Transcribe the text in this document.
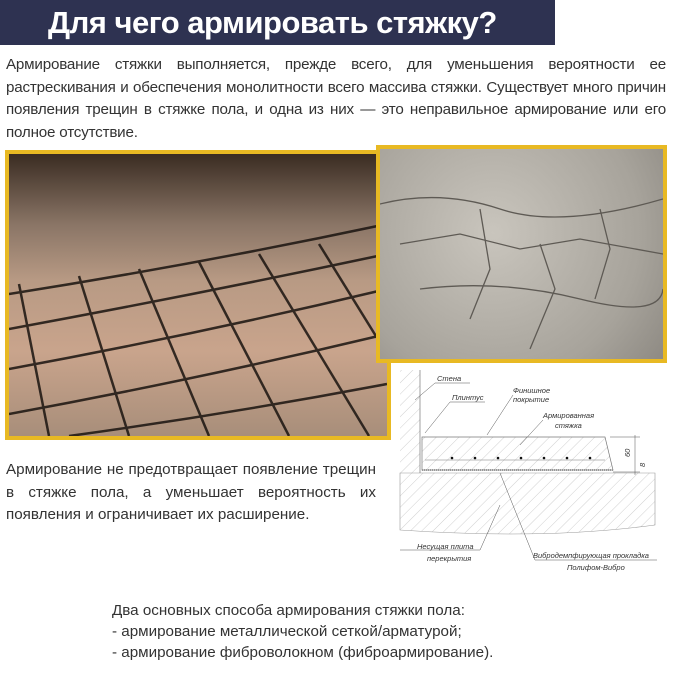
Для чего армировать стяжку?
Армирование стяжки выполняется, прежде всего, для уменьшения вероятности ее растрескивания и обеспечения монолитности всего массива стяжки. Существует много причин появления трещин в стяжке пола, и одна из них — это неправильное армирование или его полное отсутствие.
Армирование не предотвращает появление трещин в стяжке пола, а уменьшает вероятность их появления и ограничивает их расширение.
Стена
Плинтус
Финишное
покрытие
Армированная
стяжка
60
8
Несущая плита
перекрытия	Вибродемпфирующая прокладка
Полифом-Вибро
Два основных способа армирования стяжки пола:
- армирование металлической сеткой/арматурой;
- армирование фиброволокном (фиброармирование).
